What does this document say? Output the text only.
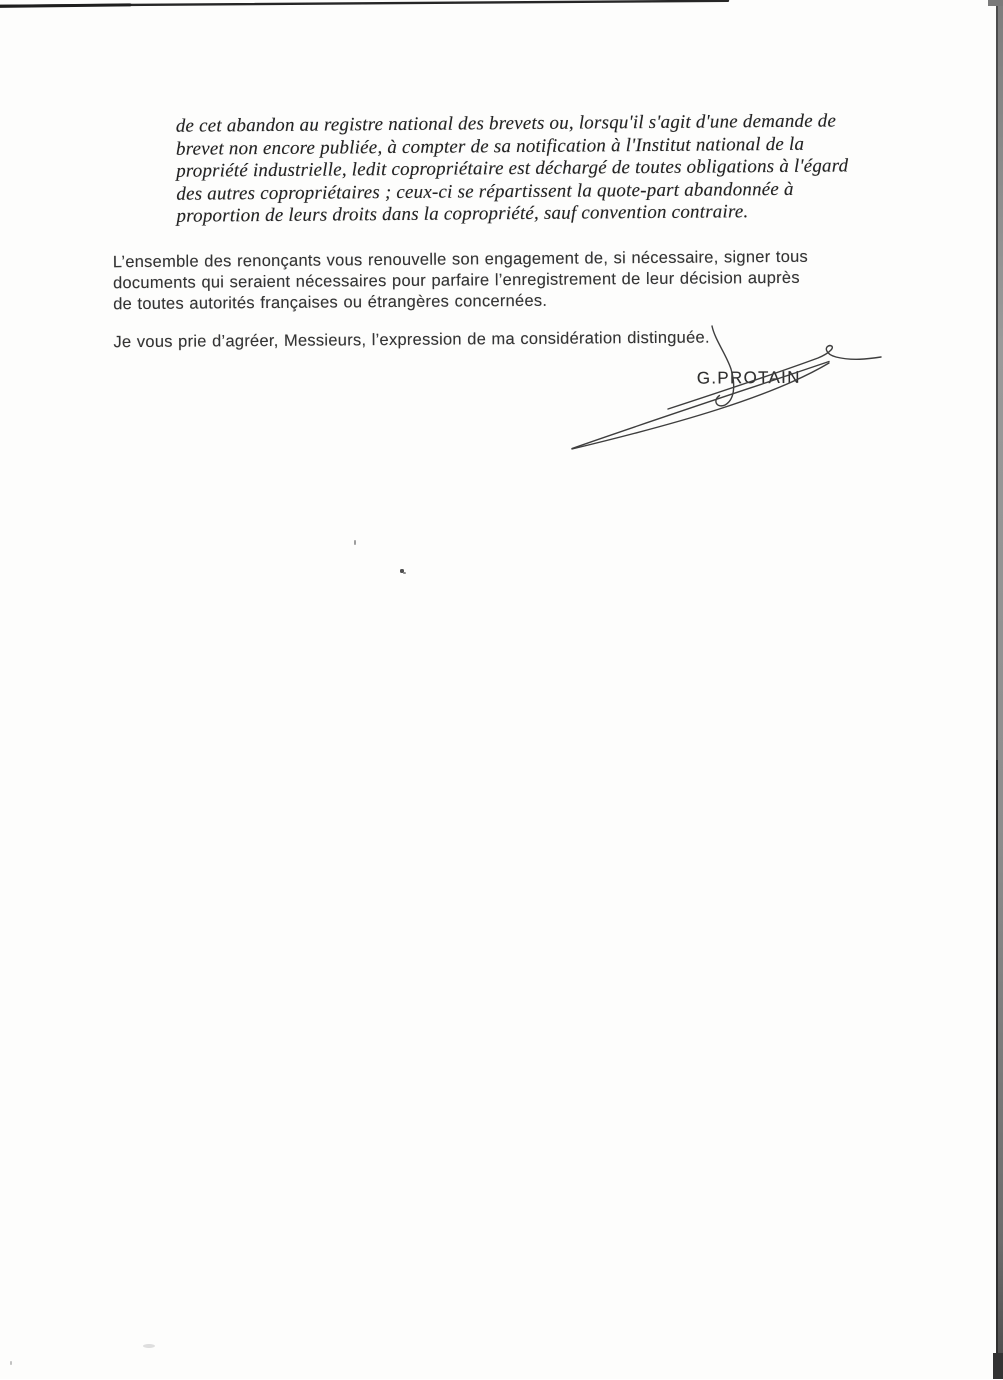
de cet abandon au registre national des brevets ou, lorsqu'il s'agit d'une demande de
brevet non encore publiée, à compter de sa notification à l'Institut national de la
propriété industrielle, ledit copropriétaire est déchargé de toutes obligations à l'égard
des autres copropriétaires ; ceux-ci se répartissent la quote-part abandonnée à
proportion de leurs droits dans la copropriété, sauf convention contraire.
L’ensemble des renonçants vous renouvelle son engagement de, si nécessaire, signer tous
documents qui seraient nécessaires pour parfaire l’enregistrement de leur décision auprès
de toutes autorités françaises ou étrangères concernées.
Je vous prie d’agréer, Messieurs, l’expression de ma considération distinguée.
G.PROTAIN
